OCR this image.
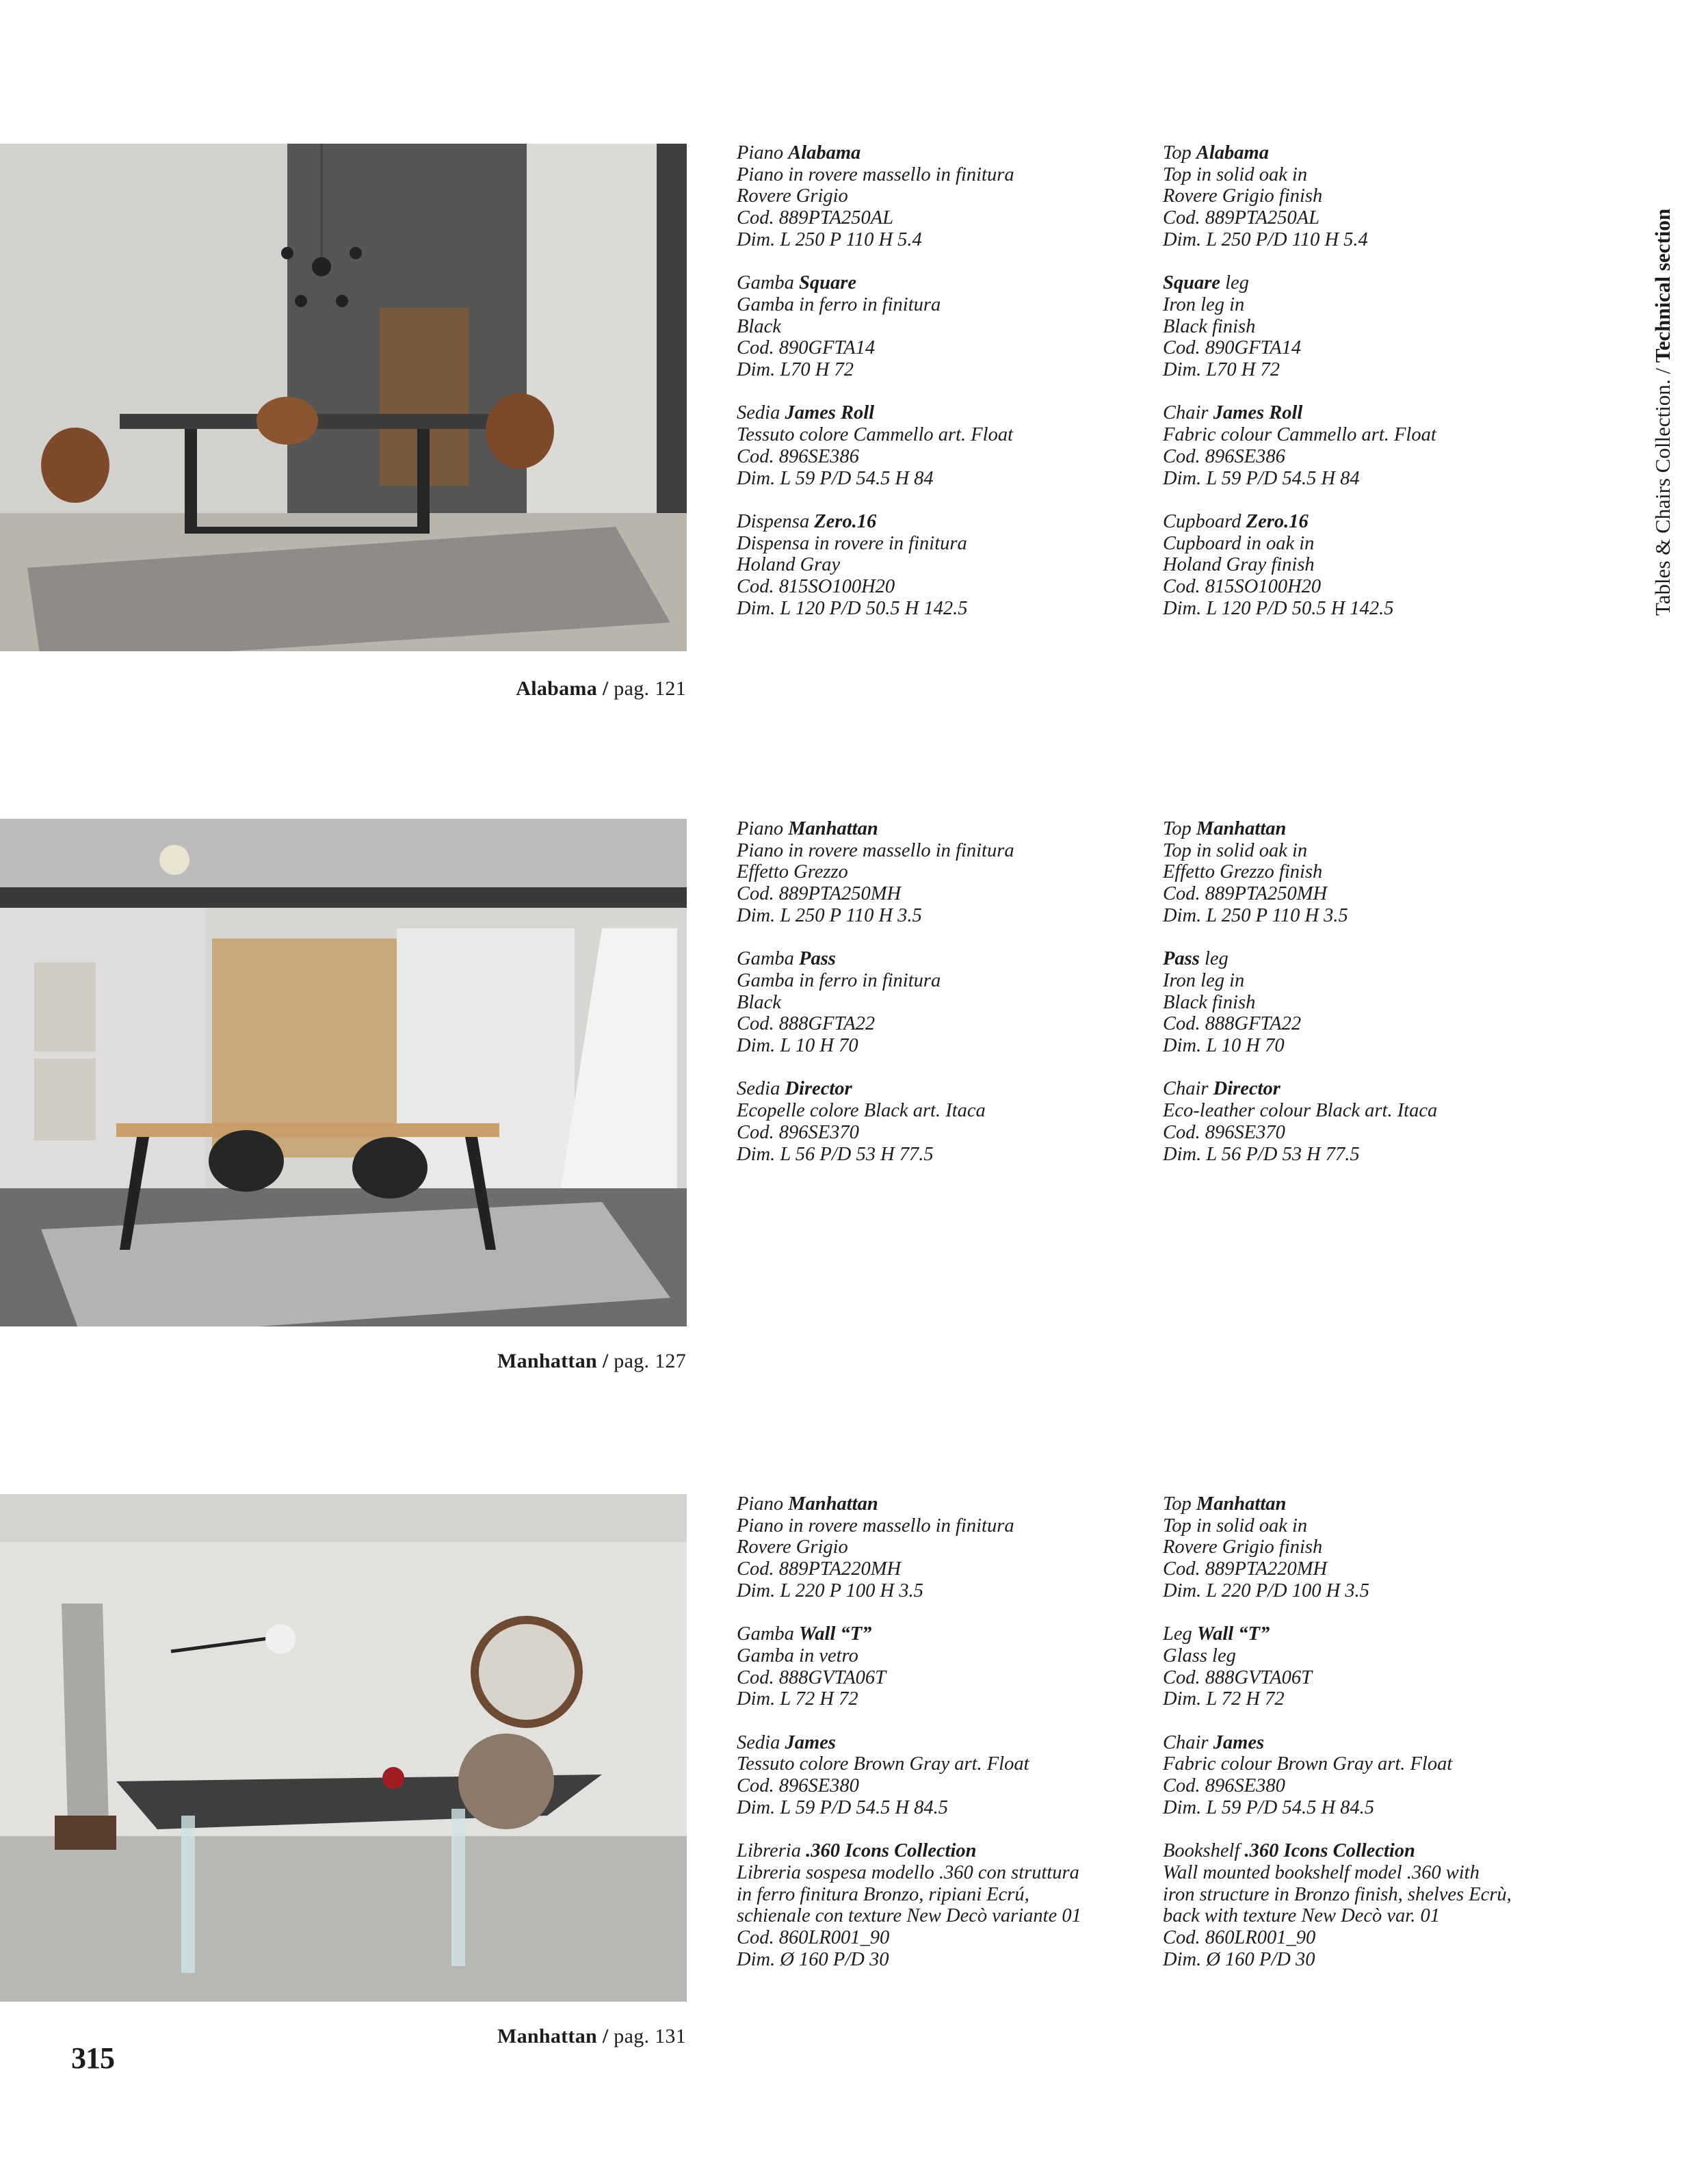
Alabama / pag. 121
Piano Alabama
Piano in rovere massello in finitura
Rovere Grigio
Cod. 889PTA250AL
Dim. L 250 P 110 H 5.4
Gamba Square
Gamba in ferro in finitura
Black
Cod. 890GFTA14
Dim. L70 H 72
Sedia James Roll
Tessuto colore Cammello art. Float
Cod. 896SE386
Dim. L 59 P/D 54.5 H 84
Dispensa Zero.16
Dispensa in rovere in finitura
Holand Gray
Cod. 815SO100H20
Dim. L 120 P/D 50.5 H 142.5
Top Alabama
Top in solid oak in
Rovere Grigio finish
Cod. 889PTA250AL
Dim. L 250 P/D 110 H 5.4
Square leg
Iron leg in
Black finish
Cod. 890GFTA14
Dim. L70 H 72
Chair James Roll
Fabric colour Cammello art. Float
Cod. 896SE386
Dim. L 59 P/D 54.5 H 84
Cupboard Zero.16
Cupboard in oak in
Holand Gray finish
Cod. 815SO100H20
Dim. L 120 P/D 50.5 H 142.5
Manhattan / pag. 127
Piano Manhattan
Piano in rovere massello in finitura
Effetto Grezzo
Cod. 889PTA250MH
Dim. L 250 P 110 H 3.5
Gamba Pass
Gamba in ferro in finitura
Black
Cod. 888GFTA22
Dim. L 10 H 70
Sedia Director
Ecopelle colore Black art. Itaca
Cod. 896SE370
Dim. L 56 P/D 53 H 77.5
Top Manhattan
Top in solid oak in
Effetto Grezzo finish
Cod. 889PTA250MH
Dim. L 250 P 110 H 3.5
Pass leg
Iron leg in
Black finish
Cod. 888GFTA22
Dim. L 10 H 70
Chair Director
Eco-leather colour Black art. Itaca
Cod. 896SE370
Dim. L 56 P/D 53 H 77.5
Manhattan / pag. 131
Piano Manhattan
Piano in rovere massello in finitura
Rovere Grigio
Cod. 889PTA220MH
Dim. L 220 P 100 H 3.5
Gamba Wall “T”
Gamba in vetro
Cod. 888GVTA06T
Dim. L 72 H 72
Sedia James
Tessuto colore Brown Gray art. Float
Cod. 896SE380
Dim. L 59 P/D 54.5 H 84.5
Libreria .360 Icons Collection
Libreria sospesa modello .360 con struttura
in ferro finitura Bronzo, ripiani Ecrú,
schienale con texture New Decò variante 01
Cod. 860LR001_90
Dim. Ø 160 P/D 30
Top Manhattan
Top in solid oak in
Rovere Grigio finish
Cod. 889PTA220MH
Dim. L 220 P/D 100 H 3.5
Leg Wall “T”
Glass leg
Cod. 888GVTA06T
Dim. L 72 H 72
Chair James
Fabric colour Brown Gray art. Float
Cod. 896SE380
Dim. L 59 P/D 54.5 H 84.5
Bookshelf .360 Icons Collection
Wall mounted bookshelf model .360 with
iron structure in Bronzo finish, shelves Ecrù,
back with texture New Decò var. 01
Cod. 860LR001_90
Dim. Ø 160 P/D 30
Tables & Chairs Collection. / Technical section
315
